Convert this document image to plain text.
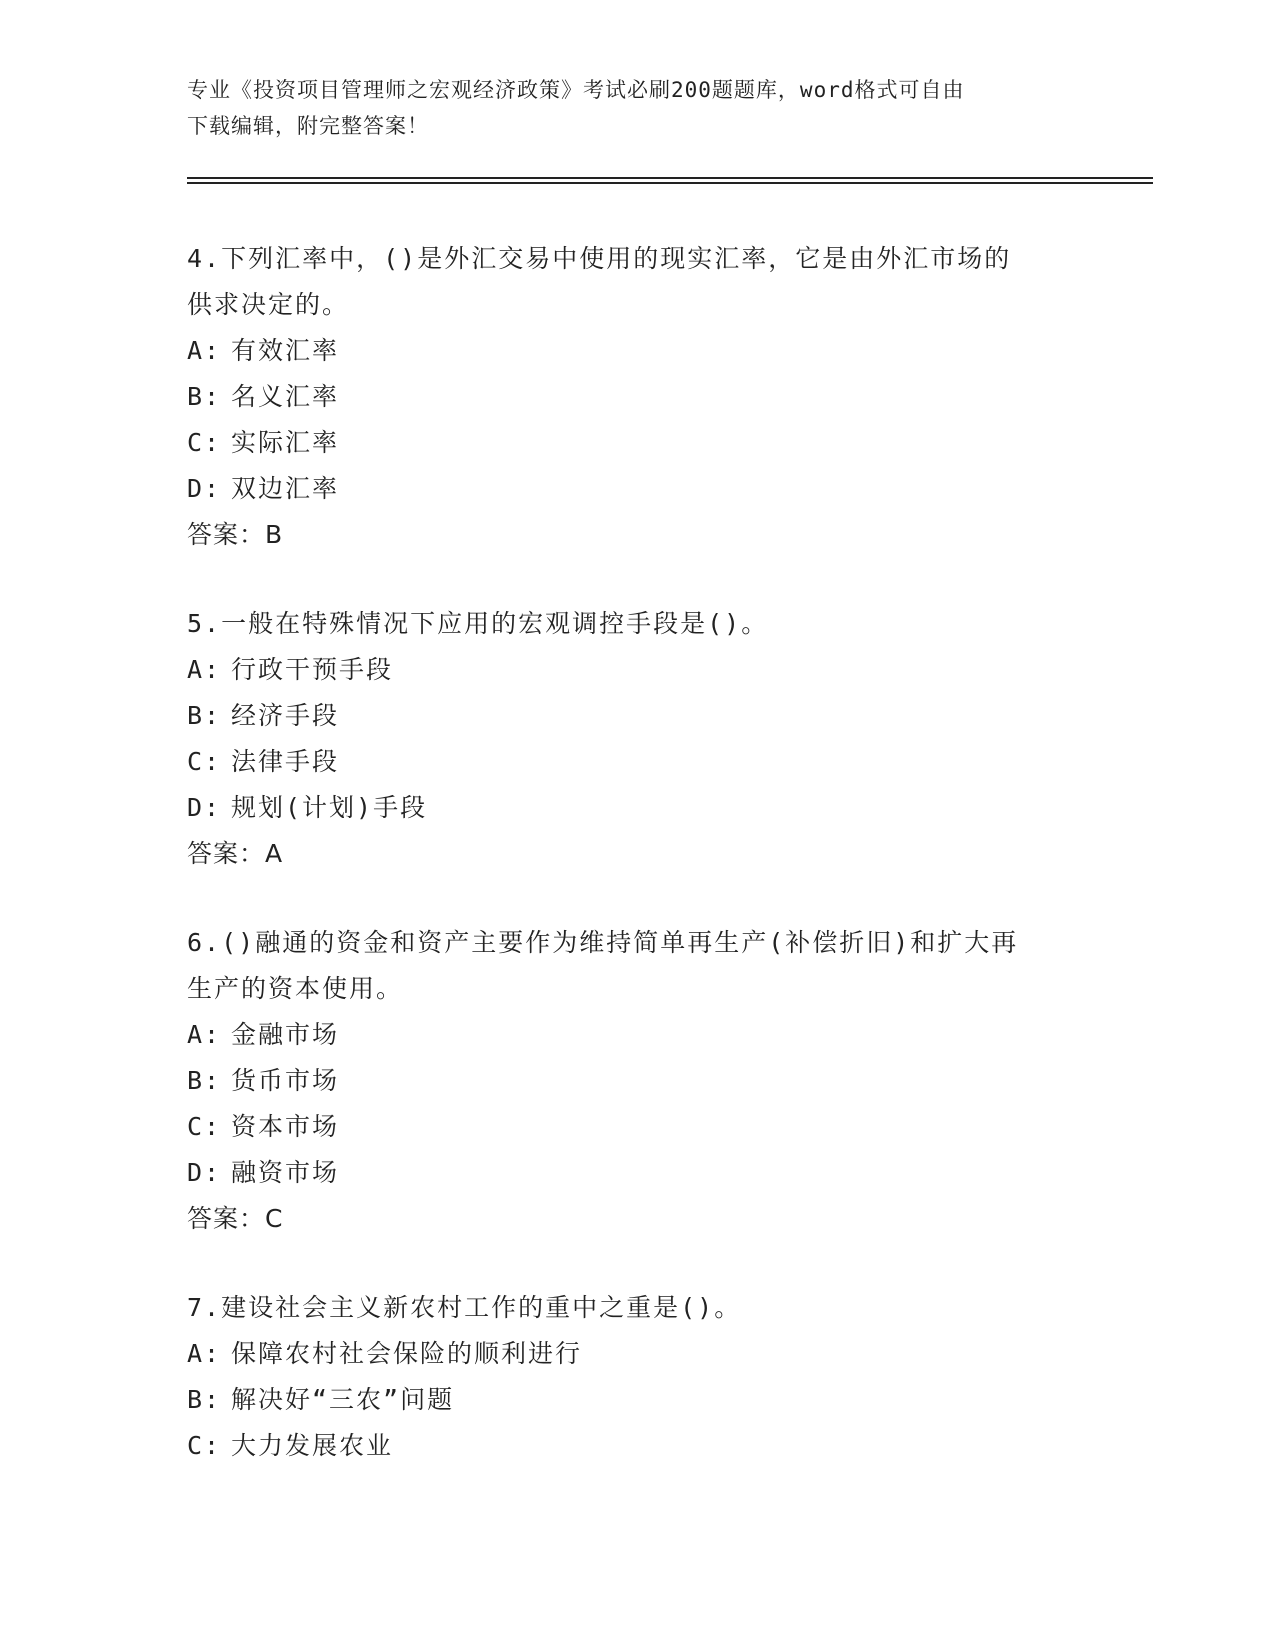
专业《投资项目管理师之宏观经济政策》考试必刷200题题库，word格式可自由
下载编辑，附完整答案！

4.下列汇率中，()是外汇交易中使用的现实汇率，它是由外汇市场的
供求决定的。

A: 有效汇率

B: 名义汇率

C: 实际汇率

D: 双边汇率

答案：B

5.一般在特殊情况下应用的宏观调控手段是()。

A: 行政干预手段

B: 经济手段

C: 法律手段

D: 规划(计划)手段

答案：A

6.()融通的资金和资产主要作为维持简单再生产(补偿折旧)和扩大再
生产的资本使用。

A: 金融市场

B: 货币市场

C: 资本市场

D: 融资市场

答案：C

7.建设社会主义新农村工作的重中之重是()。

A: 保障农村社会保险的顺利进行

B: 解决好“三农”问题

C: 大力发展农业
